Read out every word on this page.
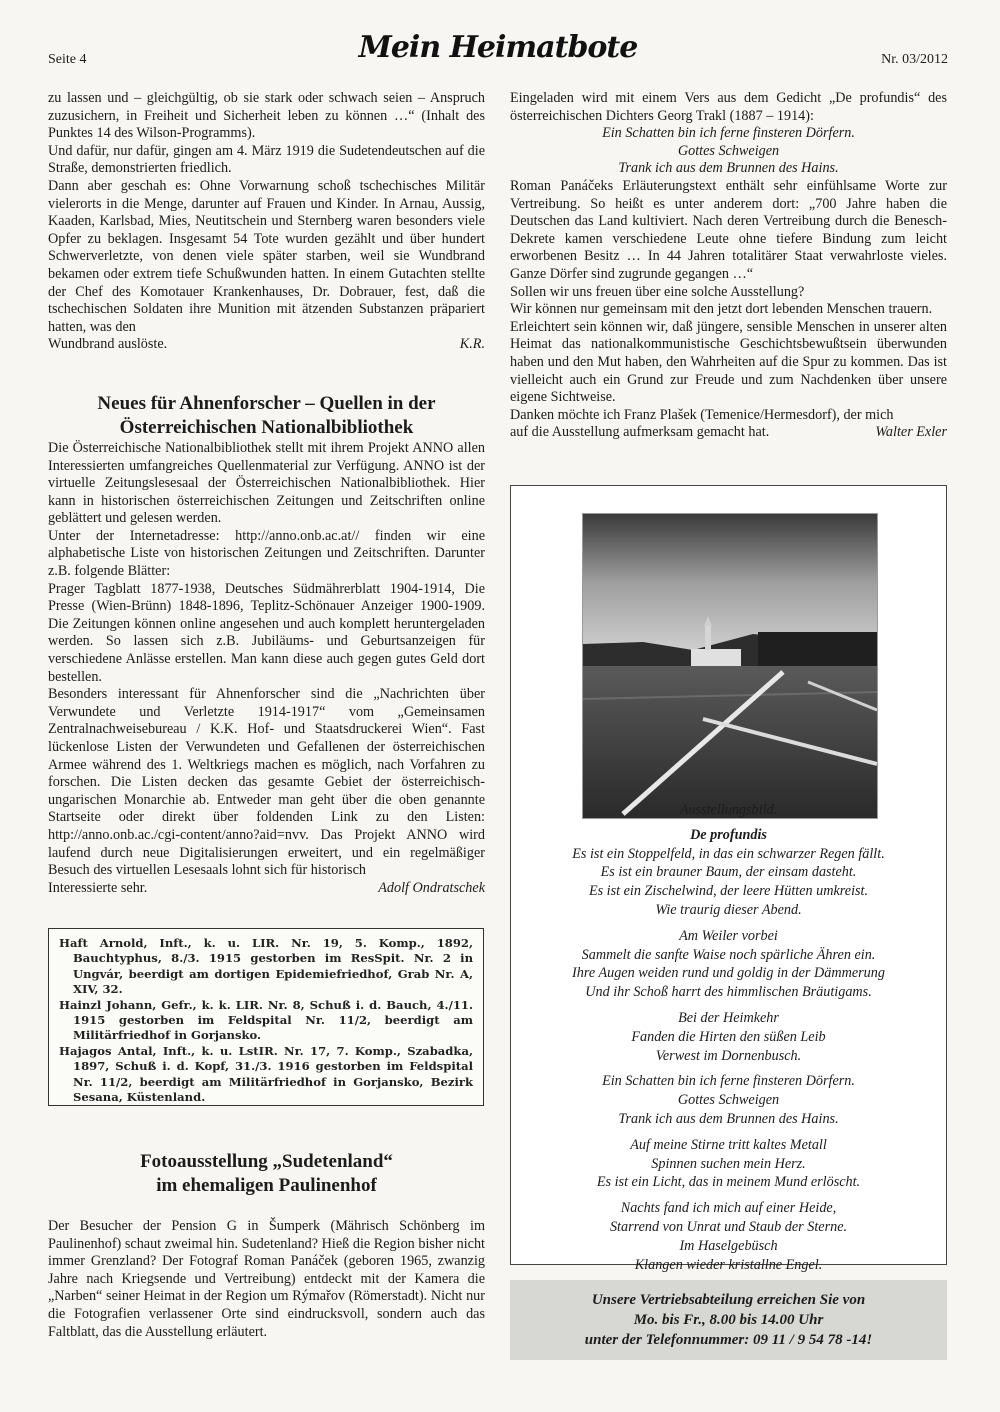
Seite 4	Mein Heimatbote	Nr. 03/2012

zu lassen und – gleichgültig, ob sie stark oder schwach seien – Anspruch zuzusichern, in Freiheit und Sicherheit leben zu können …“ (Inhalt des Punktes 14 des Wilson-Programms).

Und dafür, nur dafür, gingen am 4. März 1919 die Sudetendeutschen auf die Straße, demonstrierten friedlich.

Dann aber geschah es: Ohne Vorwarnung schoß tschechisches Militär vielerorts in die Menge, darunter auf Frauen und Kinder. In Arnau, Aussig, Kaaden, Karlsbad, Mies, Neutitschein und Sternberg waren besonders viele Opfer zu beklagen. Insgesamt 54 Tote wurden gezählt und über hundert Schwerverletzte, von denen viele später starben, weil sie Wundbrand bekamen oder extrem tiefe Schußwunden hatten. In einem Gutachten stellte der Chef des Komotauer Krankenhauses, Dr. Dobrauer, fest, daß die tschechischen Soldaten ihre Munition mit ätzenden Substanzen präpariert hatten, was den

Wundbrand auslöste.	K.R.
Neues für Ahnenforscher – Quellen in der
Österreichischen Nationalbibliothek

Die Österreichische Nationalbibliothek stellt mit ihrem Projekt ANNO allen Interessierten umfangreiches Quellenmaterial zur Verfügung. ANNO ist der virtuelle Zeitungslesesaal der Österreichischen Nationalbibliothek. Hier kann in historischen österreichischen Zeitungen und Zeitschriften online geblättert und gelesen werden.

Unter der Internetadresse: http://anno.onb.ac.at// finden wir eine alphabetische Liste von historischen Zeitungen und Zeitschriften. Darunter z.B. folgende Blätter:

Prager Tagblatt 1877-1938, Deutsches Südmährerblatt 1904-1914, Die Presse (Wien-Brünn) 1848-1896, Teplitz-Schönauer Anzeiger 1900-1909. Die Zeitungen können online angesehen und auch komplett heruntergeladen werden. So lassen sich z.B. Jubiläums- und Geburtsanzeigen für verschiedene Anlässe erstellen. Man kann diese auch gegen gutes Geld dort bestellen.

Besonders interessant für Ahnenforscher sind die „Nachrichten über Verwundete und Verletzte 1914-1917“ vom „Gemeinsamen Zentralnachweisebureau / K.K. Hof- und Staatsdruckerei Wien“. Fast lückenlose Listen der Verwundeten und Gefallenen der österreichischen Armee während des 1. Weltkriegs machen es möglich, nach Vorfahren zu forschen. Die Listen decken das gesamte Gebiet der österreichisch-ungarischen Monarchie ab. Entweder man geht über die oben genannte Startseite oder direkt über foldenden Link zu den Listen: http://anno.onb.ac./cgi-content/anno?aid=nvv. Das Projekt ANNO wird laufend durch neue Digitalisierungen erweitert, und ein regelmäßiger Besuch des virtuellen Lesesaals lohnt sich für historisch

Interessierte sehr.	Adolf Ondratschek

Haft Arnold, Inft., k. u. LIR. Nr. 19, 5. Komp., 1892, Bauchtyphus, 8./3. 1915 gestorben im ResSpit. Nr. 2 in Ungvár, beerdigt am dortigen Epidemiefriedhof, Grab Nr. A, XIV, 32.

Hainzl Johann, Gefr., k. k. LIR. Nr. 8, Schuß i. d. Bauch, 4./11. 1915 gestorben im Feldspital Nr. 11/2, beerdigt am Militärfriedhof in Gorjansko.

Hajagos Antal, Inft., k. u. LstIR. Nr. 17, 7. Komp., Szabadka, 1897, Schuß i. d. Kopf, 31./3. 1916 gestorben im Feldspital Nr. 11/2, beerdigt am Militärfriedhof in Gorjansko, Bezirk Sesana, Küstenland.

Fotoausstellung „Sudetenland“
im ehemaligen Paulinenhof

Der Besucher der Pension G in Šumperk (Mährisch Schönberg im Paulinenhof) schaut zweimal hin. Sudetenland? Hieß die Region bisher nicht immer Grenzland? Der Fotograf Roman Panáček (geboren 1965, zwanzig Jahre nach Kriegsende und Vertreibung) entdeckt mit der Kamera die „Narben“ seiner Heimat in der Region um Rýmařov (Römerstadt). Nicht nur die Fotografien verlassener Orte sind eindrucksvoll, sondern auch das Faltblatt, das die Ausstellung erläutert.

Eingeladen wird mit einem Vers aus dem Gedicht „De profundis“ des österreichischen Dichters Georg Trakl (1887 – 1914):

Ein Schatten bin ich ferne finsteren Dörfern.

Gottes Schweigen

Trank ich aus dem Brunnen des Hains.

Roman Panáčeks Erläuterungstext enthält sehr einfühlsame Worte zur Vertreibung. So heißt es unter anderem dort: „700 Jahre haben die Deutschen das Land kultiviert. Nach deren Vertreibung durch die Benesch-Dekrete kamen verschiedene Leute ohne tiefere Bindung zum leicht erworbenen Besitz … In 44 Jahren totalitärer Staat verwahrloste vieles. Ganze Dörfer sind zugrunde gegangen …“

Sollen wir uns freuen über eine solche Ausstellung?

Wir können nur gemeinsam mit den jetzt dort lebenden Menschen trauern.

Erleichtert sein können wir, daß jüngere, sensible Menschen in unserer alten Heimat das nationalkommunistische Geschichtsbewußtsein überwunden haben und den Mut haben, den Wahrheiten auf die Spur zu kommen. Das ist vielleicht auch ein Grund zur Freude und zum Nachdenken über unsere eigene Sichtweise.

Danken möchte ich Franz Plašek (Temenice/Hermesdorf), der mich

auf die Ausstellung aufmerksam gemacht hat.	Walter Exler

Ausstellungsbild.

De profundis

Es ist ein Stoppelfeld, in das ein schwarzer Regen fällt.

Es ist ein brauner Baum, der einsam dasteht.

Es ist ein Zischelwind, der leere Hütten umkreist.

Wie traurig dieser Abend.

Am Weiler vorbei

Sammelt die sanfte Waise noch spärliche Ähren ein.

Ihre Augen weiden rund und goldig in der Dämmerung

Und ihr Schoß harrt des himmlischen Bräutigams.

Bei der Heimkehr

Fanden die Hirten den süßen Leib

Verwest im Dornenbusch.

Ein Schatten bin ich ferne finsteren Dörfern.

Gottes Schweigen

Trank ich aus dem Brunnen des Hains.

Auf meine Stirne tritt kaltes Metall

Spinnen suchen mein Herz.

Es ist ein Licht, das in meinem Mund erlöscht.

Nachts fand ich mich auf einer Heide,

Starrend von Unrat und Staub der Sterne.

Im Haselgebüsch

Klangen wieder kristallne Engel.

Unsere Vertriebsabteilung erreichen Sie von

Mo. bis Fr., 8.00 bis 14.00 Uhr

unter der Telefonnummer: 09 11 / 9 54 78 -14!
